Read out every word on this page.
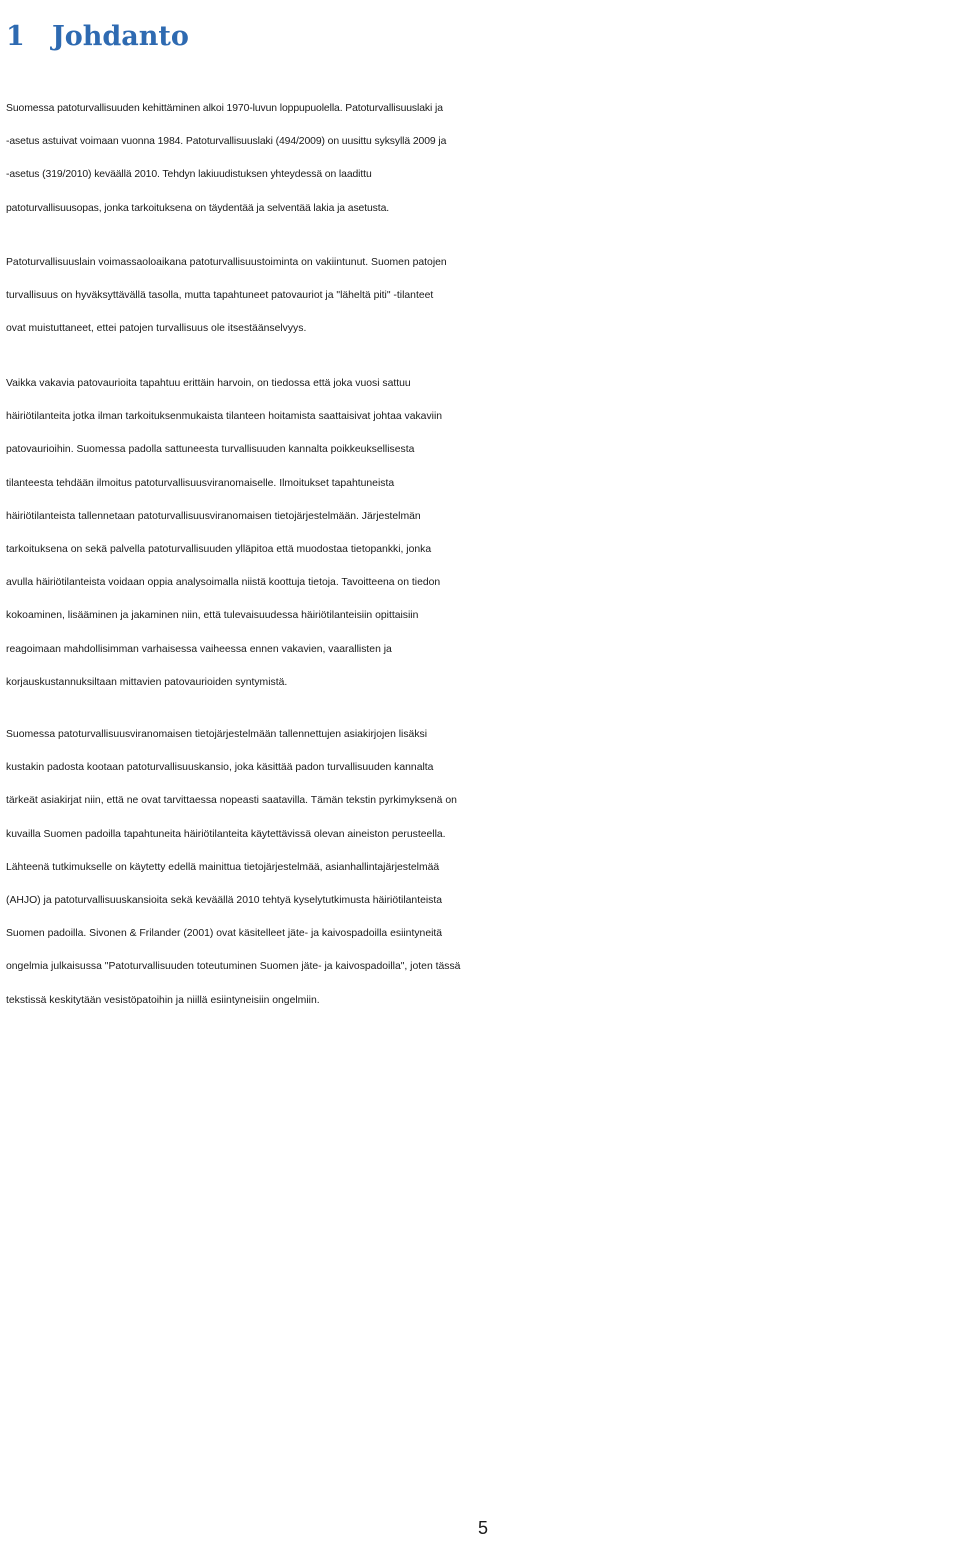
1	Johdanto

Suomessa patoturvallisuuden kehittäminen alkoi 1970-luvun loppupuolella. Patoturvallisuuslaki ja
-asetus astuivat voimaan vuonna 1984. Patoturvallisuuslaki (494/2009) on uusittu syksyllä 2009 ja
-asetus (319/2010) keväällä 2010. Tehdyn lakiuudistuksen yhteydessä on laadittu
patoturvallisuusopas, jonka tarkoituksena on täydentää ja selventää lakia ja asetusta.

Patoturvallisuuslain voimassaoloaikana patoturvallisuustoiminta on vakiintunut. Suomen patojen
turvallisuus on hyväksyttävällä tasolla, mutta tapahtuneet patovauriot ja "läheltä piti" -tilanteet
ovat muistuttaneet, ettei patojen turvallisuus ole itsestäänselvyys.

Vaikka vakavia patovaurioita tapahtuu erittäin harvoin, on tiedossa että joka vuosi sattuu
häiriötilanteita jotka ilman tarkoituksenmukaista tilanteen hoitamista saattaisivat johtaa vakaviin
patovaurioihin. Suomessa padolla sattuneesta turvallisuuden kannalta poikkeuksellisesta
tilanteesta tehdään ilmoitus patoturvallisuusviranomaiselle. Ilmoitukset tapahtuneista
häiriötilanteista tallennetaan patoturvallisuusviranomaisen tietojärjestelmään. Järjestelmän
tarkoituksena on sekä palvella patoturvallisuuden ylläpitoa että muodostaa tietopankki, jonka
avulla häiriötilanteista voidaan oppia analysoimalla niistä koottuja tietoja. Tavoitteena on tiedon
kokoaminen, lisääminen ja jakaminen niin, että tulevaisuudessa häiriötilanteisiin opittaisiin
reagoimaan mahdollisimman varhaisessa vaiheessa ennen vakavien, vaarallisten ja
korjauskustannuksiltaan mittavien patovaurioiden syntymistä.

Suomessa patoturvallisuusviranomaisen tietojärjestelmään tallennettujen asiakirjojen lisäksi
kustakin padosta kootaan patoturvallisuuskansio, joka käsittää padon turvallisuuden kannalta
tärkeät asiakirjat niin, että ne ovat tarvittaessa nopeasti saatavilla. Tämän tekstin pyrkimyksenä on
kuvailla Suomen padoilla tapahtuneita häiriötilanteita käytettävissä olevan aineiston perusteella.
Lähteenä tutkimukselle on käytetty edellä mainittua tietojärjestelmää, asianhallintajärjestelmää
(AHJO) ja patoturvallisuuskansioita sekä keväällä 2010 tehtyä kyselytutkimusta häiriötilanteista
Suomen padoilla. Sivonen & Frilander (2001) ovat käsitelleet jäte- ja kaivospadoilla esiintyneitä
ongelmia julkaisussa "Patoturvallisuuden toteutuminen Suomen jäte- ja kaivospadoilla", joten tässä
tekstissä keskitytään vesistöpatoihin ja niillä esiintyneisiin ongelmiin.

5
